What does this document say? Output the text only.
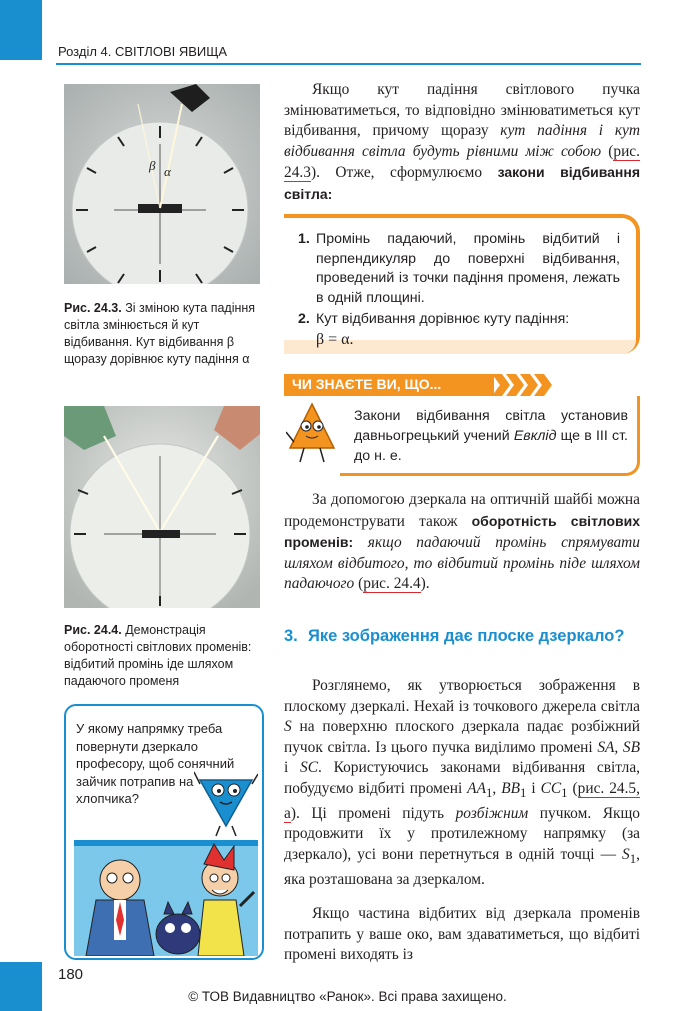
Розділ 4. СВІТЛОВІ ЯВИЩА
β α
Рис. 24.3. Зі зміною кута падіння світла змінюється й кут відбивання. Кут відбивання β щоразу дорівнює куту падіння α
Рис. 24.4. Демонстрація оборотності світлових променів: відбитий промінь іде шляхом падаючого променя
У якому напрямку треба повернути дзеркало професору, щоб сонячний зайчик потрапив на хлопчика?
Якщо кут падіння світлового пучка змінюватиметься, то відповідно змінюватиметься кут відбивання, причому щоразу кут падіння і кут відбивання світла будуть рівними між собою (рис. 24.3). Отже, сформулюємо закони відбивання світла:
1. Промінь падаючий, промінь відбитий і перпендикуляр до поверхні відбивання, проведений із точки падіння променя, лежать в одній площині.
2. Кут відбивання дорівнює куту падіння:
β = α.
ЧИ ЗНАЄТЕ ВИ, ЩО...
Закони відбивання світла установив давньогрецький учений Евклід ще в ІІІ ст. до н. е.
За допомогою дзеркала на оптичній шайбі можна продемонструвати також оборотність світлових променів: якщо падаючий промінь спрямувати шляхом відбитого, то відбитий промінь піде шляхом падаючого (рис. 24.4).
3. Яке зображення дає плоске дзеркало?
Розглянемо, як утворюється зображення в плоскому дзеркалі. Нехай із точкового джерела світла S на поверхню плоского дзеркала падає розбіжний пучок світла. Із цього пучка виділимо промені SA, SB і SC. Користуючись законами відбивання світла, побудуємо відбиті промені $AA_1$, $BB_1$ і $CC_1$ (рис. 24.5, а). Ці промені підуть розбіжним пучком. Якщо продовжити їх у протилежному напрямку (за дзеркало), усі вони перетнуться в одній точці — $S_1$, яка розташована за дзеркалом.
Якщо частина відбитих від дзеркала променів потрапить у ваше око, вам здаватиметься, що відбиті промені виходять із
180
© ТОВ Видавництво «Ранок». Всі права захищено.
